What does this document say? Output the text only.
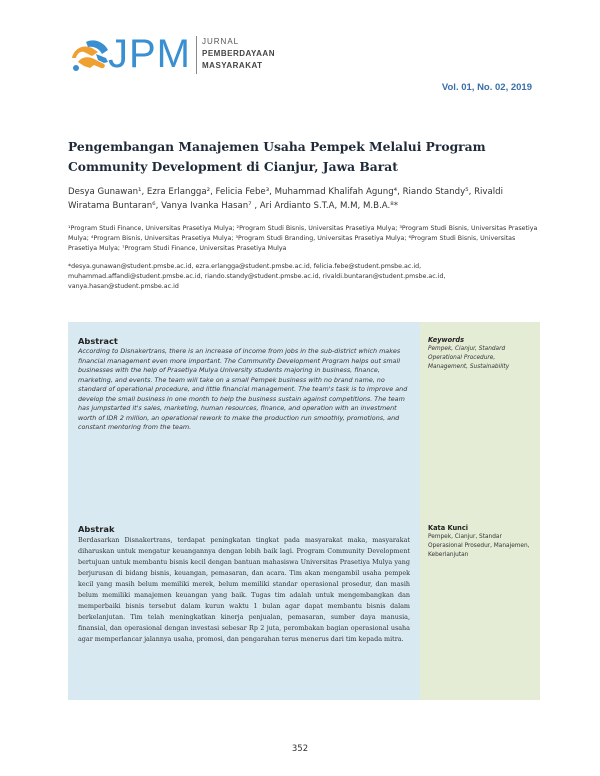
JPM JURNAL
PEMBERDAYAAN
MASYARAKAT
Vol. 01, No. 02, 2019
Pengembangan Manajemen Usaha Pempek Melalui Program Community Development di Cianjur, Jawa Barat
Desya Gunawan¹, Ezra Erlangga², Felicia Febe³, Muhammad Khalifah Agung⁴, Riando Standy⁵, Rivaldi Wiratama Buntaran⁶, Vanya Ivanka Hasan⁷ , Ari Ardianto S.T.A, M.M, M.B.A.⁸*
¹Program Studi Finance, Universitas Prasetiya Mulya; ²Program Studi Bisnis, Universitas Prasetiya Mulya; ³Program Studi Bisnis, Universitas Prasetiya Mulya; ⁴Program Bisnis, Universitas Prasetiya Mulya; ⁵Program Studi Branding, Universitas Prasetiya Mulya; ⁶Program Studi Bisnis, Universitas Prasetiya Mulya; ⁷Program Studi Finance, Universitas Prasetiya Mulya
*desya.gunawan@student.pmsbe.ac.id, ezra.erlangga@student.pmsbe.ac.id, felicia.febe@student.pmsbe.ac.id, muhammad.affandi@student.pmsbe.ac.id, riando.standy@student.pmsbe.ac.id, rivaldi.buntaran@student.pmsbe.ac.id, vanya.hasan@student.pmsbe.ac.id
Abstract

According to Disnakertrans, there is an increase of income from jobs in the sub-district which makes financial management even more important. The Community Development Program helps out small businesses with the help of Prasetiya Mulya University students majoring in business, finance, marketing, and events. The team will take on a small Pempek business with no brand name, no standard of operational procedure, and little financial management. The team's task is to improve and develop the small business in one month to help the business sustain against competitions. The team has jumpstarted it's sales, marketing, human resources, finance, and operation with an investment worth of IDR 2 million, an operational rework to make the production run smoothly, promotions, and constant mentoring from the team.

Keywords
Pempek, Cianjur, Standard Operational Procedure, Management, Sustainability
Abstrak

Berdasarkan Disnakertrans, terdapat peningkatan tingkat pada masyarakat maka, masyarakat diharuskan untuk mengatur keuangannya dengan lebih baik lagi. Program Community Development bertujuan untuk membantu bisnis kecil dengan bantuan mahasiswa Universitas Prasetiya Mulya yang berjurusan di bidang bisnis, keuangan, pemasaran, dan acara. Tim akan mengambil usaha pempek kecil yang masih belum memiliki merek, belum memiliki standar operasional prosedur, dan masih belum memiliki manajemen keuangan yang baik. Tugas tim adalah untuk mengembangkan dan memperbaiki bisnis tersebut dalam kurun waktu 1 bulan agar dapat membantu bisnis dalam berkelanjutan. Tim telah meningkatkan kinerja penjualan, pemasaran, sumber daya manusia, finansial, dan operasional dengan investasi sebesar Rp 2 juta, perombakan bagian operasional usaha agar memperlancar jalannya usaha, promosi, dan pengarahan terus menerus dari tim kepada mitra.

Kata Kunci
Pempek, Cianjur, Standar Operasional Prosedur, Manajemen, Keberlanjutan
352
